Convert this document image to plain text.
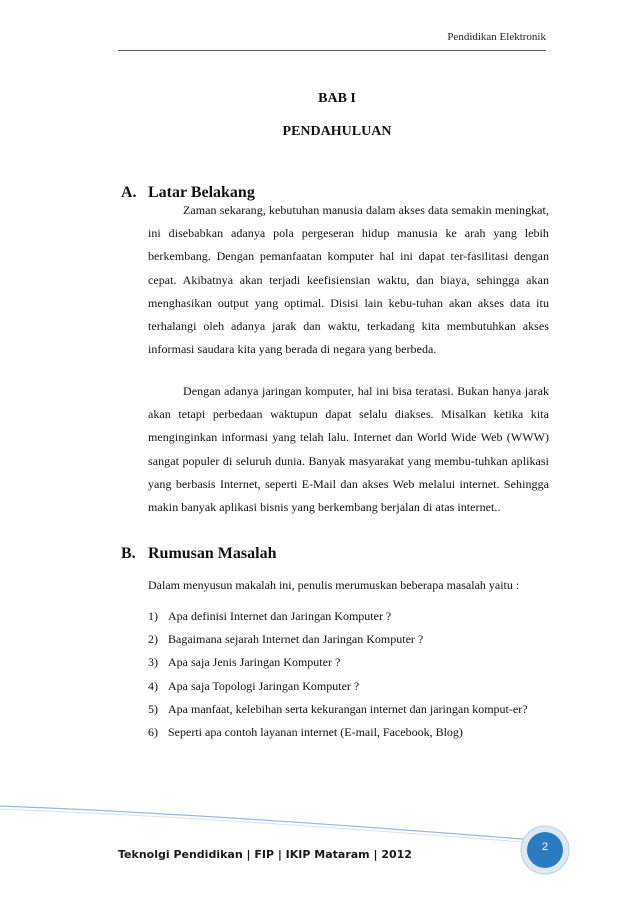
Pendidikan Elektronik
BAB I
PENDAHULUAN
A. Latar Belakang

Zaman sekarang, kebutuhan manusia dalam akses data semakin meningkat, ini disebabkan adanya pola pergeseran hidup manusia ke arah yang lebih berkembang. Dengan pemanfaatan komputer hal ini dapat ter-fasilitasi dengan cepat. Akibatnya akan terjadi keefisiensian waktu, dan biaya, sehingga akan menghasikan output yang optimal. Disisi lain kebu-tuhan akan akses data itu terhalangi oleh adanya jarak dan waktu, terkadang kita membutuhkan akses informasi saudara kita yang berada di negara yang berbeda.

Dengan adanya jaringan komputer, hal ini bisa teratasi. Bukan hanya jarak akan tetapi perbedaan waktupun dapat selalu diakses. Misalkan ketika kita menginginkan informasi yang telah lalu. Internet dan World Wide Web (WWW) sangat populer di seluruh dunia. Banyak masyarakat yang membu-tuhkan aplikasi yang berbasis Internet, seperti E-Mail dan akses Web melalui internet. Sehingga makin banyak aplikasi bisnis yang berkembang berjalan di atas internet..

B. Rumusan Masalah
Dalam menyusun makalah ini, penulis merumuskan beberapa masalah yaitu :
1) Apa definisi Internet dan Jaringan Komputer ?
2) Bagaimana sejarah Internet dan Jaringan Komputer ?
3) Apa saja Jenis Jaringan Komputer ?
4) Apa saja Topologi Jaringan Komputer ?
5) Apa manfaat, kelebihan serta kekurangan internet dan jaringan komput-er?
6) Seperti apa contoh layanan internet (E-mail, Facebook, Blog)
2
Teknolgi Pendidikan | FIP | IKIP Mataram | 2012
